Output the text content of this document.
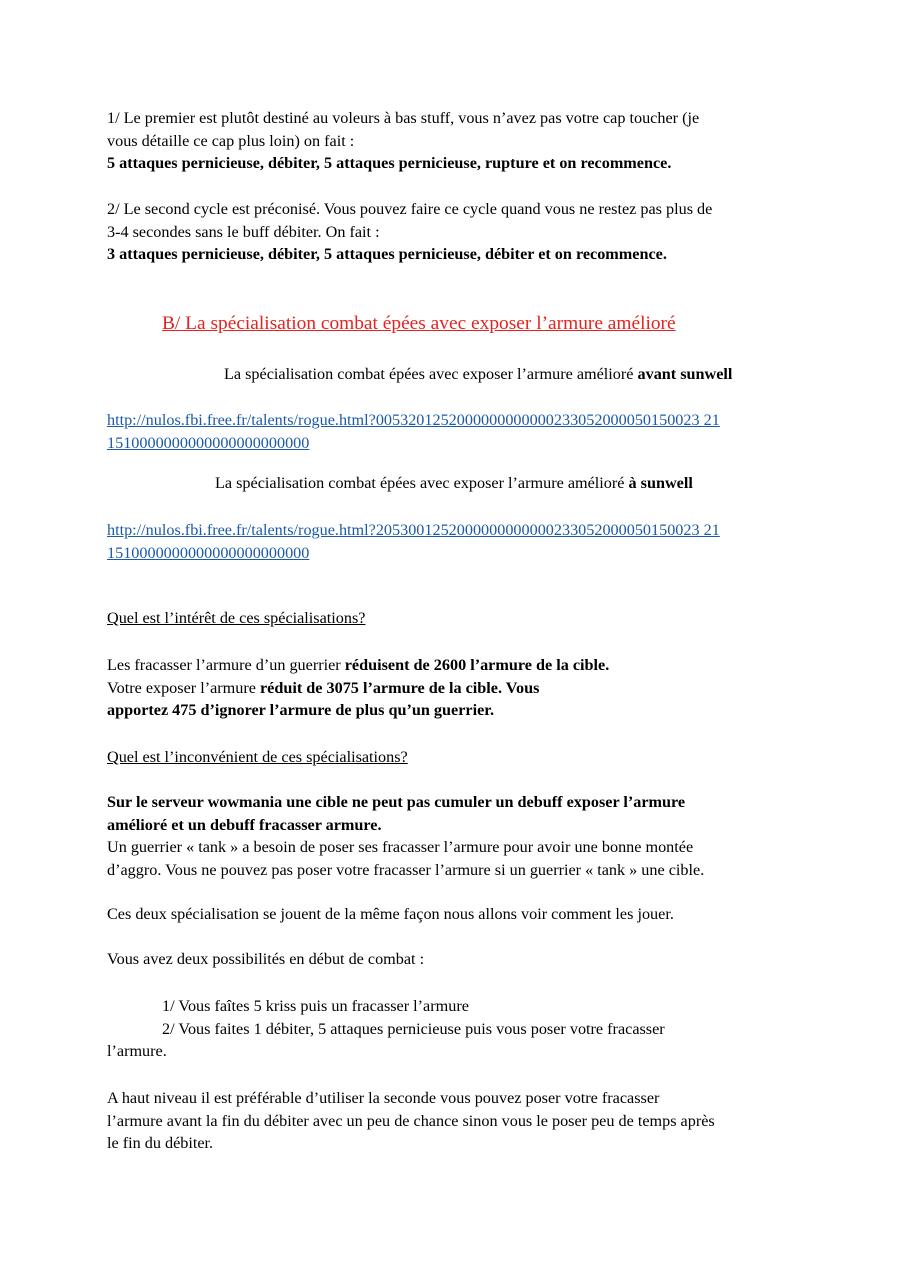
1/ Le premier est plutôt destiné au voleurs à bas stuff, vous n’avez pas votre cap toucher (je
vous détaille ce cap plus loin) on fait :
5 attaques pernicieuse, débiter, 5 attaques pernicieuse, rupture et on recommence.
2/ Le second cycle est préconisé. Vous pouvez faire ce cycle quand vous ne restez pas plus de
3-4 secondes sans le buff débiter. On fait :
3 attaques pernicieuse, débiter, 5 attaques pernicieuse, débiter et on recommence.
B/ La spécialisation combat épées avec exposer l’armure amélioré
La spécialisation combat épées avec exposer l’armure amélioré avant sunwell
http://nulos.fbi.free.fr/talents/rogue.html?0053201252000000000000233052000050150023 21
1510000000000000000000000
La spécialisation combat épées avec exposer l’armure amélioré à sunwell
http://nulos.fbi.free.fr/talents/rogue.html?2053001252000000000000233052000050150023 21
1510000000000000000000000
Quel est l’intérêt de ces spécialisations?
Les fracasser l’armure d’un guerrier réduisent de 2600 l’armure de la cible.
Votre exposer l’armure réduit de 3075 l’armure de la cible. Vous
apportez 475 d’ignorer l’armure de plus qu’un guerrier.
Quel est l’inconvénient de ces spécialisations?
Sur le serveur wowmania une cible ne peut pas cumuler un debuff exposer l’armure
amélioré et un debuff fracasser armure.
Un guerrier « tank » a besoin de poser ses fracasser l’armure pour avoir une bonne montée
d’aggro. Vous ne pouvez pas poser votre fracasser l’armure si un guerrier « tank » une cible.
Ces deux spécialisation se jouent de la même façon nous allons voir comment les jouer.
Vous avez deux possibilités en début de combat :
1/ Vous faîtes 5 kriss puis un fracasser l’armure
2/ Vous faites 1 débiter, 5 attaques pernicieuse puis vous poser votre fracasser
l’armure.
A haut niveau il est préférable d’utiliser la seconde vous pouvez poser votre fracasser
l’armure avant la fin du débiter avec un peu de chance sinon vous le poser peu de temps après
le fin du débiter.
